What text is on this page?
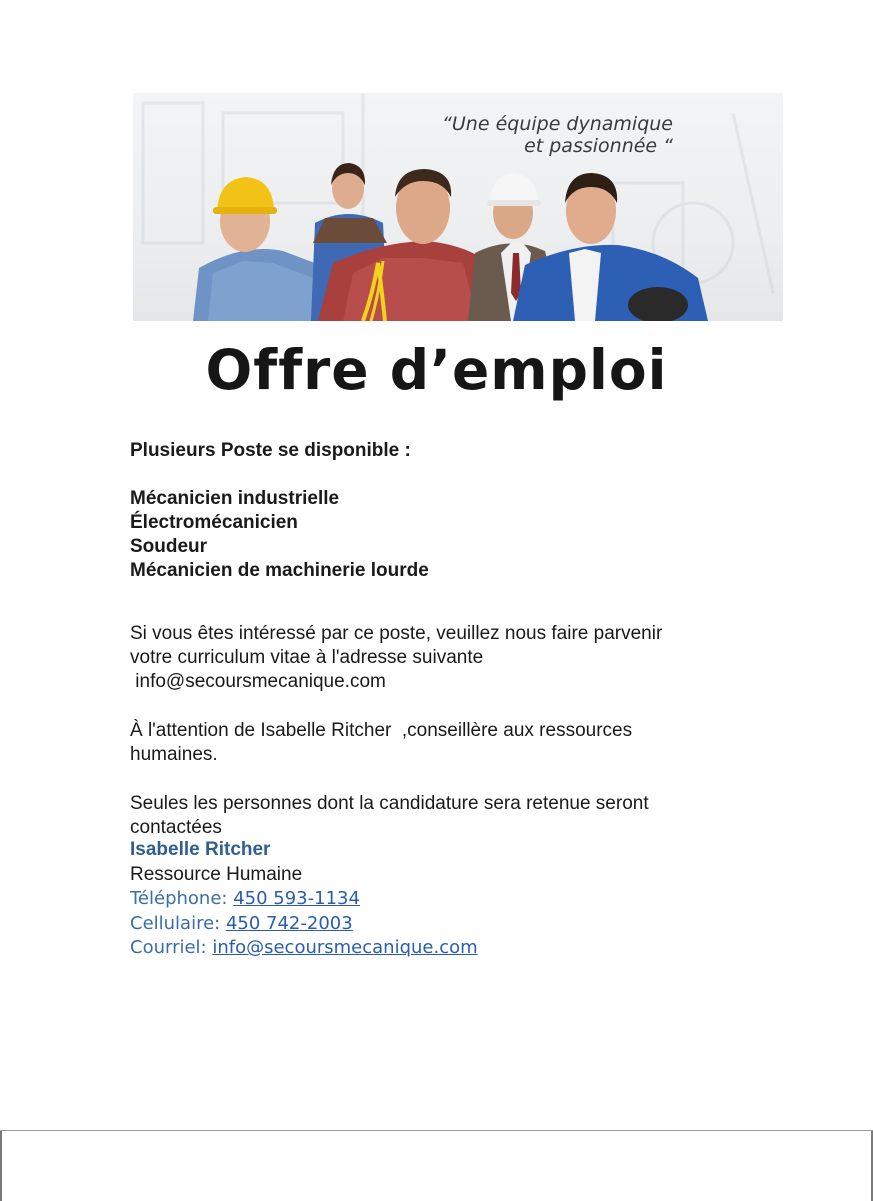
“Une équipe dynamique
et passionnée “
Offre d’emploi
Plusieurs Poste se disponible :
Mécanicien industrielle
Électromécanicien
Soudeur
Mécanicien de machinerie lourde
Si vous êtes intéressé par ce poste, veuillez nous faire parvenir
votre curriculum vitae à l'adresse suivante
info@secoursmecanique.com
À l'attention de Isabelle Ritcher  ,conseillère aux ressources
humaines.
Seules les personnes dont la candidature sera retenue seront
contactées
Isabelle Ritcher
Ressource Humaine
Téléphone: 450 593-1134
Cellulaire: 450 742-2003
Courriel: info@secoursmecanique.com
